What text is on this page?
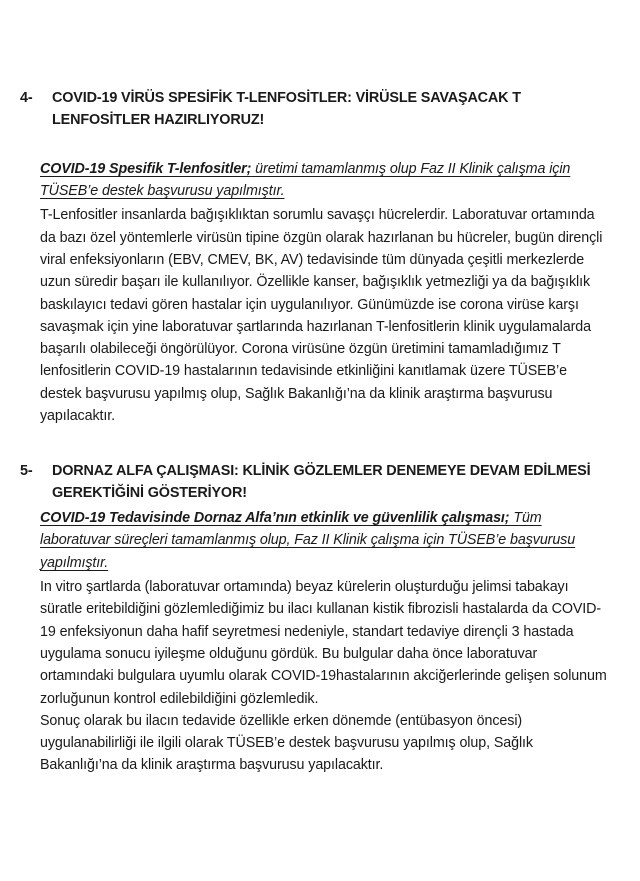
4-	COVID-19 VİRÜS SPESİFİK T-LENFOSİTLER: VİRÜSLE SAVAŞACAK T LENFOSİTLER HAZIRLIYORUZ!

COVID-19 Spesifik T-lenfositler; üretimi tamamlanmış olup Faz II Klinik çalışma için TÜSEB’e destek başvurusu yapılmıştır.

T-Lenfositler insanlarda bağışıklıktan sorumlu savaşçı hücrelerdir. Laboratuvar ortamında da bazı özel yöntemlerle virüsün tipine özgün olarak hazırlanan bu hücreler, bugün dirençli viral enfeksiyonların (EBV, CMEV, BK, AV) tedavisinde tüm dünyada çeşitli merkezlerde uzun süredir başarı ile kullanılıyor. Özellikle kanser, bağışıklık yetmezliği ya da bağışıklık baskılayıcı tedavi gören hastalar için uygulanılıyor. Günümüzde ise corona virüse karşı savaşmak için yine laboratuvar şartlarında hazırlanan T-lenfositlerin klinik uygulamalarda başarılı olabileceği öngörülüyor. Corona virüsüne özgün üretimini tamamladığımız T lenfositlerin COVID-19 hastalarının tedavisinde etkinliğini kanıtlamak üzere TÜSEB’e destek başvurusu yapılmış olup, Sağlık Bakanlığı’na da klinik araştırma başvurusu yapılacaktır.

5-	DORNAZ ALFA ÇALIŞMASI: KLİNİK GÖZLEMLER DENEMEYE DEVAM EDİLMESİ GEREKTİĞİNİ GÖSTERİYOR!

COVID-19 Tedavisinde Dornaz Alfa’nın etkinlik ve güvenlilik çalışması; Tüm laboratuvar süreçleri tamamlanmış olup, Faz II Klinik çalışma için TÜSEB’e başvurusu yapılmıştır.

In vitro şartlarda (laboratuvar ortamında) beyaz kürelerin oluşturduğu jelimsi tabakayı süratle eritebildiğini gözlemlediğimiz bu ilacı kullanan kistik fibrozisli hastalarda da COVID-19 enfeksiyonun daha hafif seyretmesi nedeniyle, standart tedaviye dirençli 3 hastada uygulama sonucu iyileşme olduğunu gördük. Bu bulgular daha önce laboratuvar ortamındaki bulgulara uyumlu olarak COVID-19hastalarının akciğerlerinde gelişen solunum zorluğunun kontrol edilebildiğini gözlemledik.

Sonuç olarak bu ilacın tedavide özellikle erken dönemde (entübasyon öncesi) uygulanabilirliği ile ilgili olarak TÜSEB’e destek başvurusu yapılmış olup, Sağlık Bakanlığı’na da klinik araştırma başvurusu yapılacaktır.
